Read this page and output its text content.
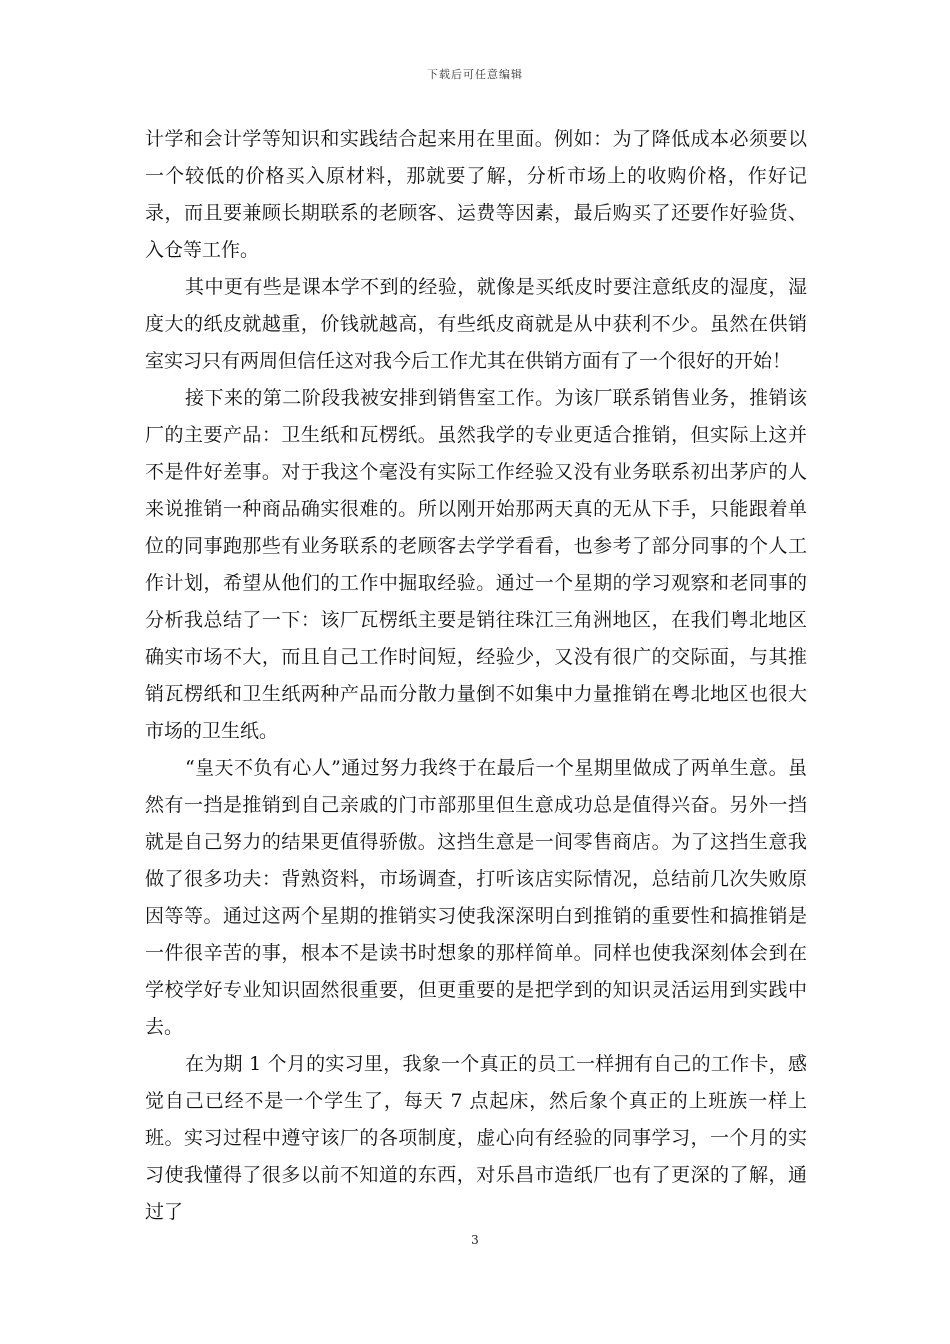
下载后可任意编辑

计学和会计学等知识和实践结合起来用在里面。例如：为了降低成本必须要以一个较低的价格买入原材料，那就要了解，分析市场上的收购价格，作好记录，而且要兼顾长期联系的老顾客、运费等因素，最后购买了还要作好验货、入仓等工作。

其中更有些是课本学不到的经验，就像是买纸皮时要注意纸皮的湿度，湿度大的纸皮就越重，价钱就越高，有些纸皮商就是从中获利不少。虽然在供销室实习只有两周但信任这对我今后工作尤其在供销方面有了一个很好的开始！

接下来的第二阶段我被安排到销售室工作。为该厂联系销售业务，推销该厂的主要产品：卫生纸和瓦楞纸。虽然我学的专业更适合推销，但实际上这并不是件好差事。对于我这个毫没有实际工作经验又没有业务联系初出茅庐的人来说推销一种商品确实很难的。所以刚开始那两天真的无从下手，只能跟着单位的同事跑那些有业务联系的老顾客去学学看看，也参考了部分同事的个人工作计划，希望从他们的工作中掘取经验。通过一个星期的学习观察和老同事的分析我总结了一下：该厂瓦楞纸主要是销往珠江三角洲地区，在我们粤北地区确实市场不大，而且自己工作时间短，经验少，又没有很广的交际面，与其推销瓦楞纸和卫生纸两种产品而分散力量倒不如集中力量推销在粤北地区也很大市场的卫生纸。

“皇天不负有心人”通过努力我终于在最后一个星期里做成了两单生意。虽然有一挡是推销到自己亲戚的门市部那里但生意成功总是值得兴奋。另外一挡就是自己努力的结果更值得骄傲。这挡生意是一间零售商店。为了这挡生意我做了很多功夫：背熟资料，市场调查，打听该店实际情况，总结前几次失败原因等等。通过这两个星期的推销实习使我深深明白到推销的重要性和搞推销是一件很辛苦的事，根本不是读书时想象的那样简单。同样也使我深刻体会到在学校学好专业知识固然很重要，但更重要的是把学到的知识灵活运用到实践中去。

在为期 1 个月的实习里，我象一个真正的员工一样拥有自己的工作卡，感觉自己已经不是一个学生了，每天 7 点起床，然后象个真正的上班族一样上班。实习过程中遵守该厂的各项制度，虚心向有经验的同事学习，一个月的实习使我懂得了很多以前不知道的东西，对乐昌市造纸厂也有了更深的了解，通过了

3
